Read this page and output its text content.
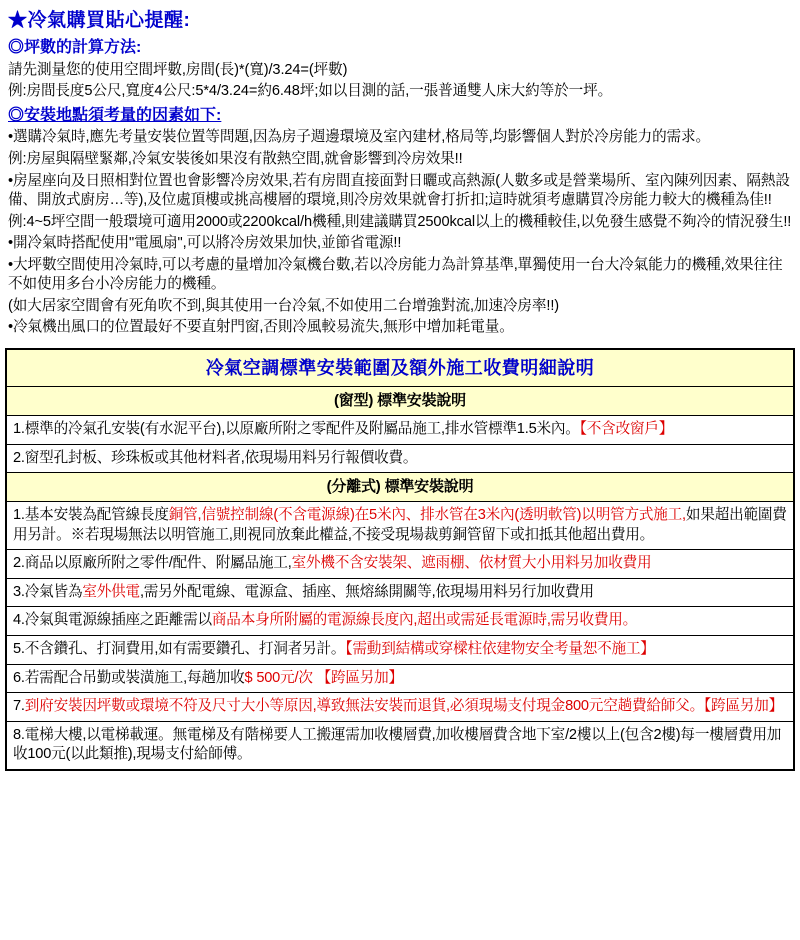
★冷氣購買貼心提醒:
◎坪數的計算方法:
請先測量您的使用空間坪數,房間(長)*(寬)/3.24=(坪數)
例:房間長度5公尺,寬度4公尺:5*4/3.24=約6.48坪;如以目測的話,一張普通雙人床大約等於一坪。
◎安裝地點須考量的因素如下:
•選購冷氣時,應先考量安裝位置等問題,因為房子週邊環境及室內建材,格局等,均影響個人對於冷房能力的需求。
例:房屋與隔壁緊鄰,冷氣安裝後如果沒有散熱空間,就會影響到冷房效果!!
•房屋座向及日照相對位置也會影響冷房效果,若有房間直接面對日曬或高熱源(人數多或是營業場所、室內陳列因素、隔熱設備、開放式廚房…等),及位處頂樓或挑高樓層的環境,則冷房效果就會打折扣;這時就須考慮購買冷房能力較大的機種為佳!!
例:4~5坪空間一般環境可適用2000或2200kcal/h機種,則建議購買2500kcal以上的機種較佳,以免發生感覺不夠冷的情況發生!!
•開冷氣時搭配使用"電風扇",可以將冷房效果加快,並節省電源!!
•大坪數空間使用冷氣時,可以考慮的量增加冷氣機台數,若以冷房能力為計算基準,單獨使用一台大冷氣能力的機種,效果往往不如使用多台小冷房能力的機種。
(如大居家空間會有死角吹不到,與其使用一台冷氣,不如使用二台增強對流,加速冷房率!!)
•冷氣機出風口的位置最好不要直射門窗,否則冷風較易流失,無形中增加耗電量。
冷氣空調標準安裝範圍及額外施工收費明細說明
(窗型) 標準安裝說明
1.標準的冷氣孔安裝(有水泥平台),以原廠所附之零配件及附屬品施工,排水管標準1.5米內。【不含改窗戶】
2.窗型孔封板、珍珠板或其他材料者,依現場用料另行報價收費。
(分離式) 標準安裝說明
1.基本安裝為配管線長度銅管,信號控制線(不含電源線)在5米內、排水管在3米內(透明軟管)以明管方式施工,如果超出範圍費用另計。※若現場無法以明管施工,則視同放棄此權益,不接受現場裁剪銅管留下或扣抵其他超出費用。
2.商品以原廠所附之零件/配件、附屬品施工,室外機不含安裝架、遮雨棚、依材質大小用料另加收費用
3.冷氣皆為室外供電,需另外配電線、電源盒、插座、無熔絲開關等,依現場用料另行加收費用
4.冷氣與電源線插座之距離需以商品本身所附屬的電源線長度內,超出或需延長電源時,需另收費用。
5.不含鑽孔、打洞費用,如有需要鑽孔、打洞者另計。【需動到結構或穿樑柱依建物安全考量恕不施工】
6.若需配合吊勤或裝潢施工,每趟加收$ 500元/次 【跨區另加】
7.到府安裝因坪數或環境不符及尺寸大小等原因,導致無法安裝而退貨,必須現場支付現金800元空趟費給師父。【跨區另加】
8.電梯大樓,以電梯載運。無電梯及有階梯要人工搬運需加收樓層費,加收樓層費含地下室/2樓以上(包含2樓)每一樓層費用加收100元(以此類推),現場支付給師傅。
